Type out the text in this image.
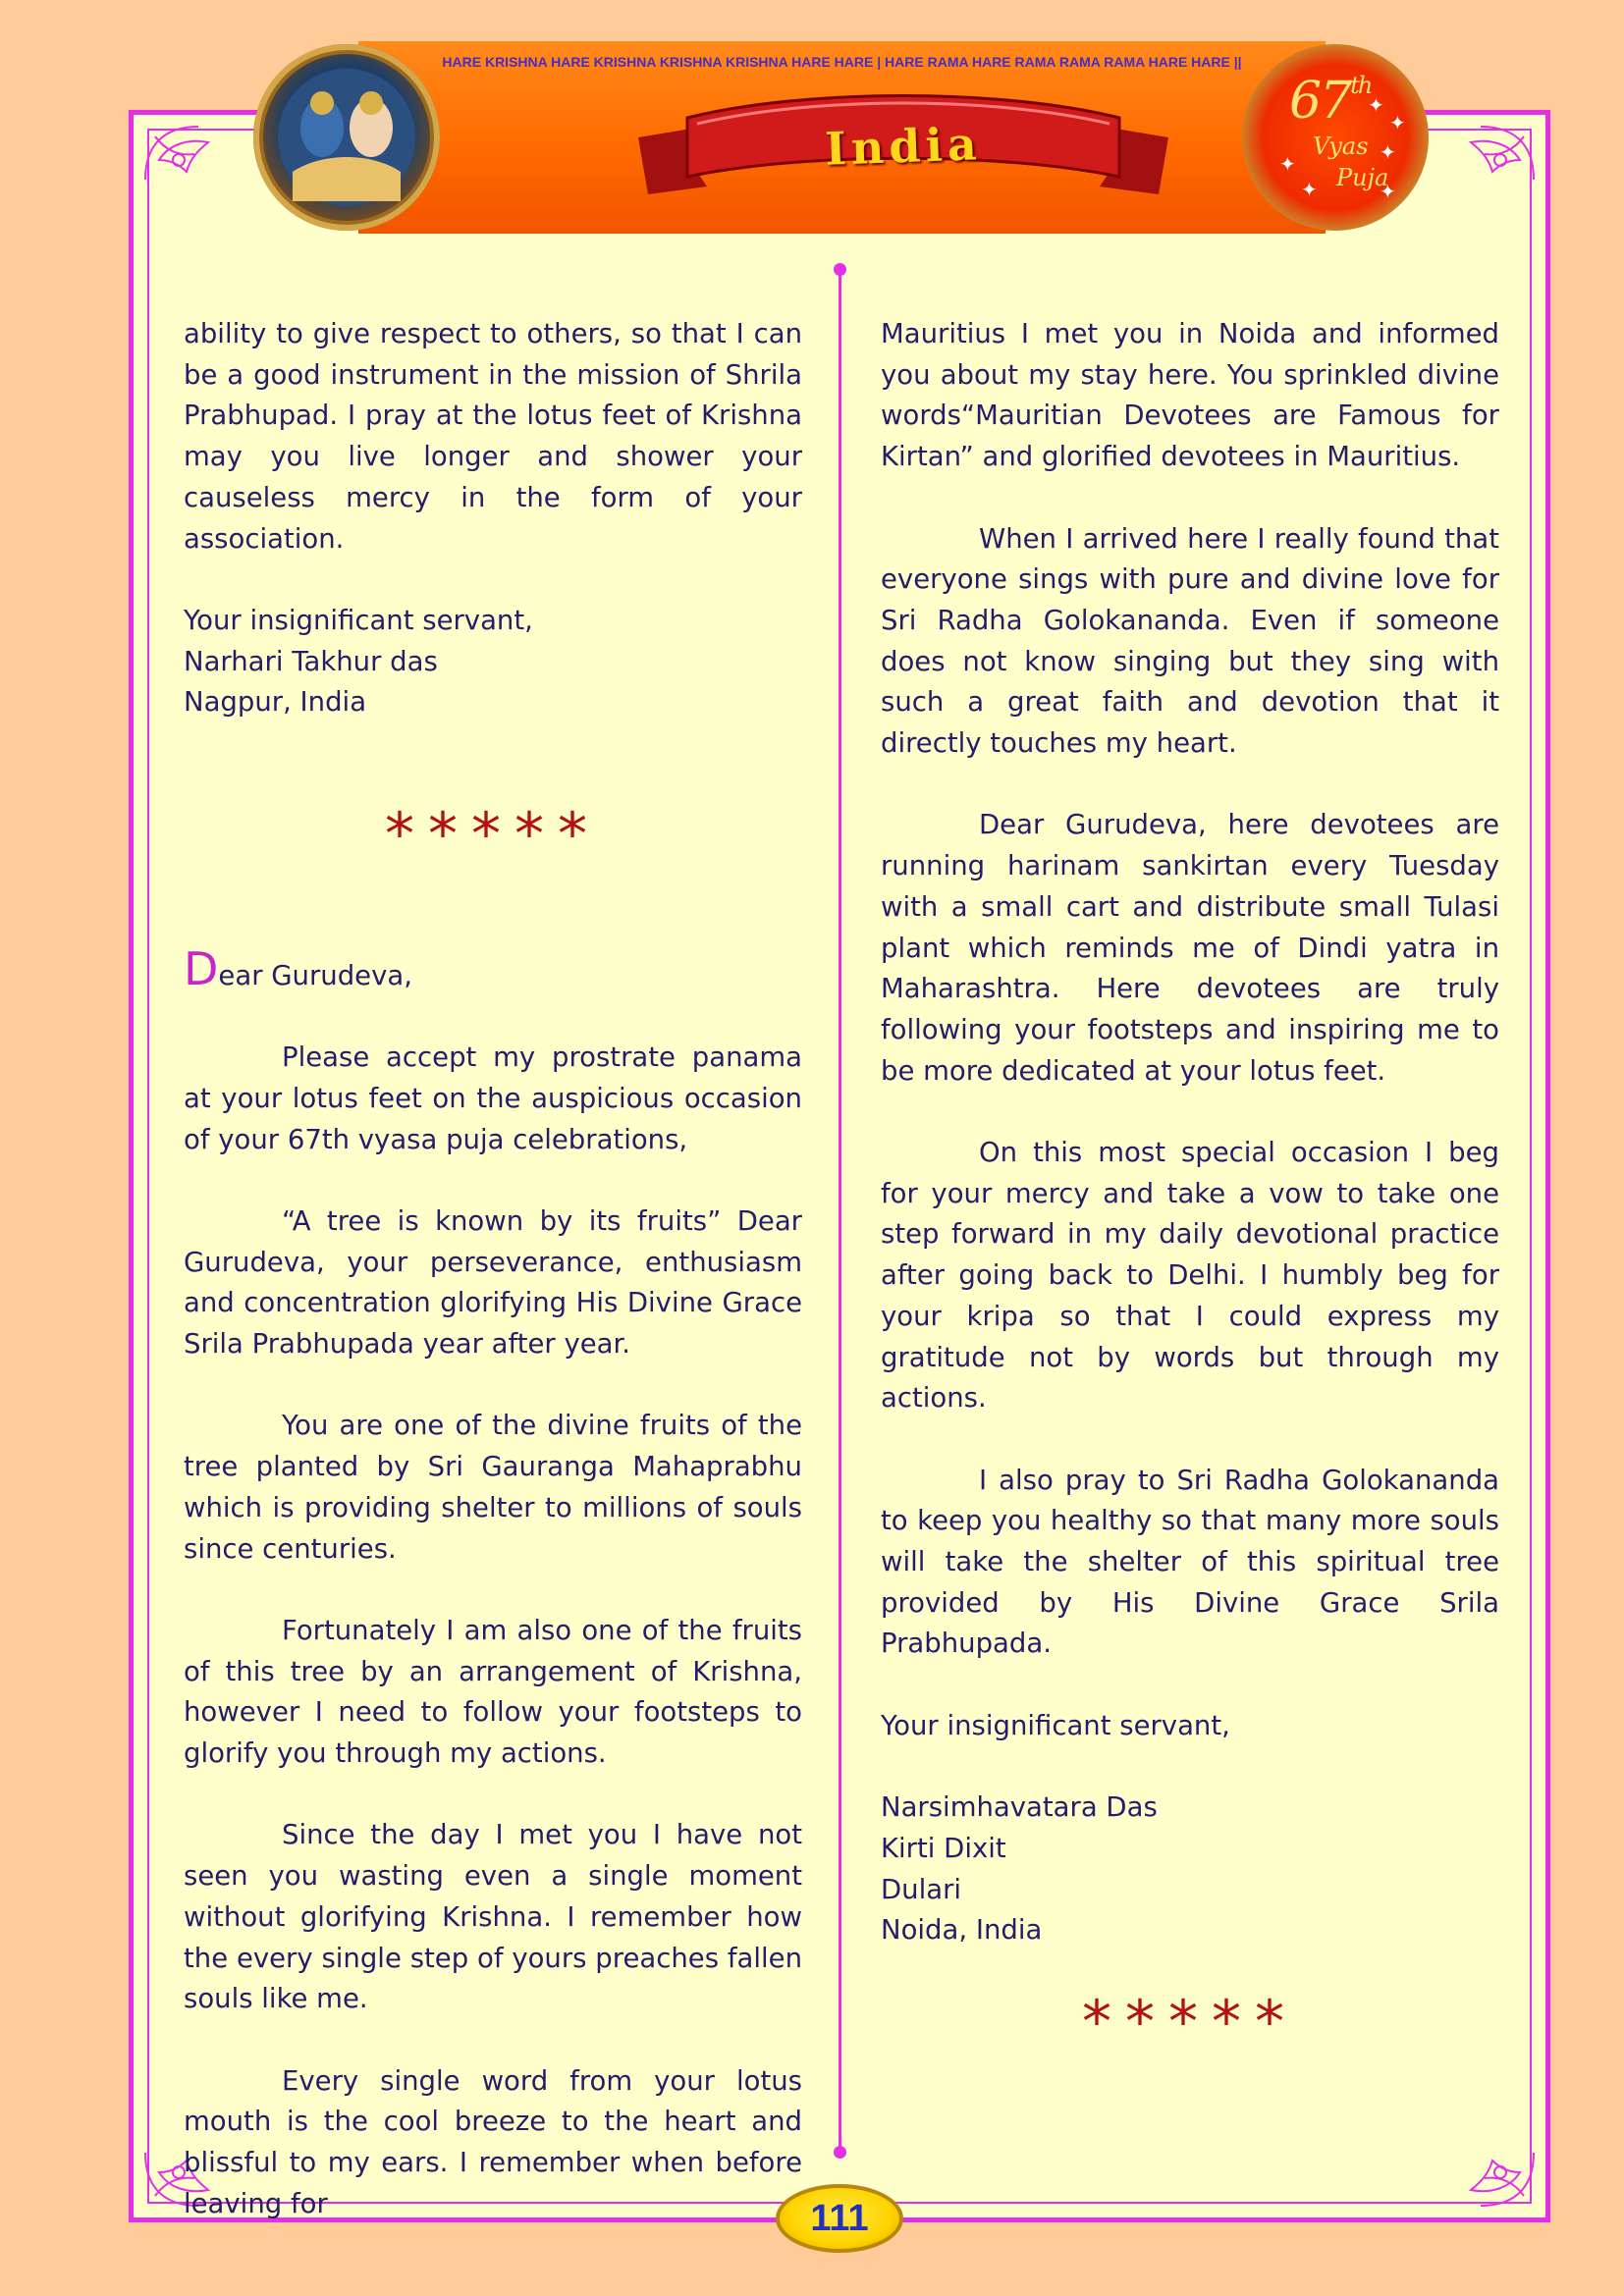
HARE KRISHNA HARE KRISHNA KRISHNA KRISHNA HARE HARE | HARE RAMA HARE RAMA RAMA RAMA HARE HARE ||
India
67th
Vyas
Puja
✦
✦
✦
✦
✦	✦

ability to give respect to others, so that I can be a good instrument in the mission of Shrila Prabhupad. I pray at the lotus feet of Krishna may you live longer and shower your causeless mercy in the form of your association.

Your insignificant servant,
Narhari Takhur das
Nagpur, India
*****

Dear Gurudeva,

Please accept my prostrate panama at your lotus feet on the auspicious occasion of your 67th vyasa puja celebrations,

“A tree is known by its fruits” Dear Gurudeva, your perseverance, enthusiasm and concentration glorifying His Divine Grace Srila Prabhupada year after year.

You are one of the divine fruits of the tree planted by Sri Gauranga Mahaprabhu which is providing shelter to millions of souls since centuries.

Fortunately I am also one of the fruits of this tree by an arrangement of Krishna, however I need to follow your footsteps to glorify you through my actions.

Since the day I met you I have not seen you wasting even a single moment without glorifying Krishna. I remember how the every single step of yours preaches fallen souls like me.

Every single word from your lotus mouth is the cool breeze to the heart and blissful to my ears. I remember when before leaving for

Mauritius I met you in Noida and informed you about my stay here. You sprinkled divine words“Mauritian Devotees are Famous for Kirtan” and glorified devotees in Mauritius.

When I arrived here I really found that everyone sings with pure and divine love for Sri Radha Golokananda. Even if someone does not know singing but they sing with such a great faith and devotion that it directly touches my heart.

Dear Gurudeva, here devotees are running harinam sankirtan every Tuesday with a small cart and distribute small Tulasi plant which reminds me of Dindi yatra in Maharashtra. Here devotees are truly following your footsteps and inspiring me to be more dedicated at your lotus feet.

On this most special occasion I beg for your mercy and take a vow to take one step forward in my daily devotional practice after going back to Delhi. I humbly beg for your kripa so that I could express my gratitude not by words but through my actions.

I also pray to Sri Radha Golokananda to keep you healthy so that many more souls will take the shelter of this spiritual tree provided by His Divine Grace Srila Prabhupada.

Your insignificant servant,
Narsimhavatara Das
Kirti Dixit
Dulari
Noida, India
*****
111
